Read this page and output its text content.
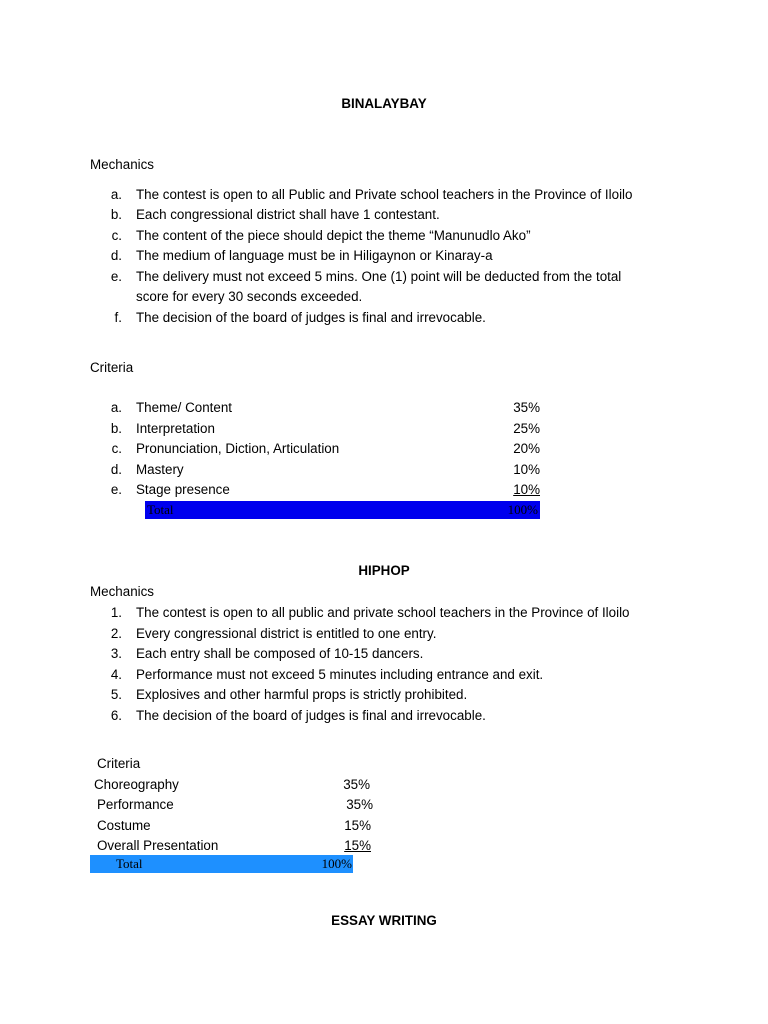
BINALAYBAY
Mechanics
a. The contest is open to all Public and Private school teachers in the Province of Iloilo
b. Each congressional district shall have 1 contestant.
c. The content of the piece should depict the theme “Manunudlo Ako”
d. The medium of language must be in Hiligaynon or Kinaray-a
e. The delivery must not exceed 5 mins. One (1) point will be deducted from the total
score for every 30 seconds exceeded.
f. The decision of the board of judges is final and irrevocable.
Criteria
a. Theme/ Content	35%
b. Interpretation	25%
c. Pronunciation, Diction, Articulation	20%
d. Mastery	10%
e. Stage presence	10%
Total	100%
HIPHOP
Mechanics
1. The contest is open to all public and private school teachers in the Province of Iloilo
2. Every congressional district is entitled to one entry.
3. Each entry shall be composed of 10-15 dancers.
4. Performance must not exceed 5 minutes including entrance and exit.
5. Explosives and other harmful props is strictly prohibited.
6. The decision of the board of judges is final and irrevocable.
Criteria
Choreography	35%
Performance	35%
Costume	15%
Overall Presentation	15%
Total	100%
ESSAY WRITING
